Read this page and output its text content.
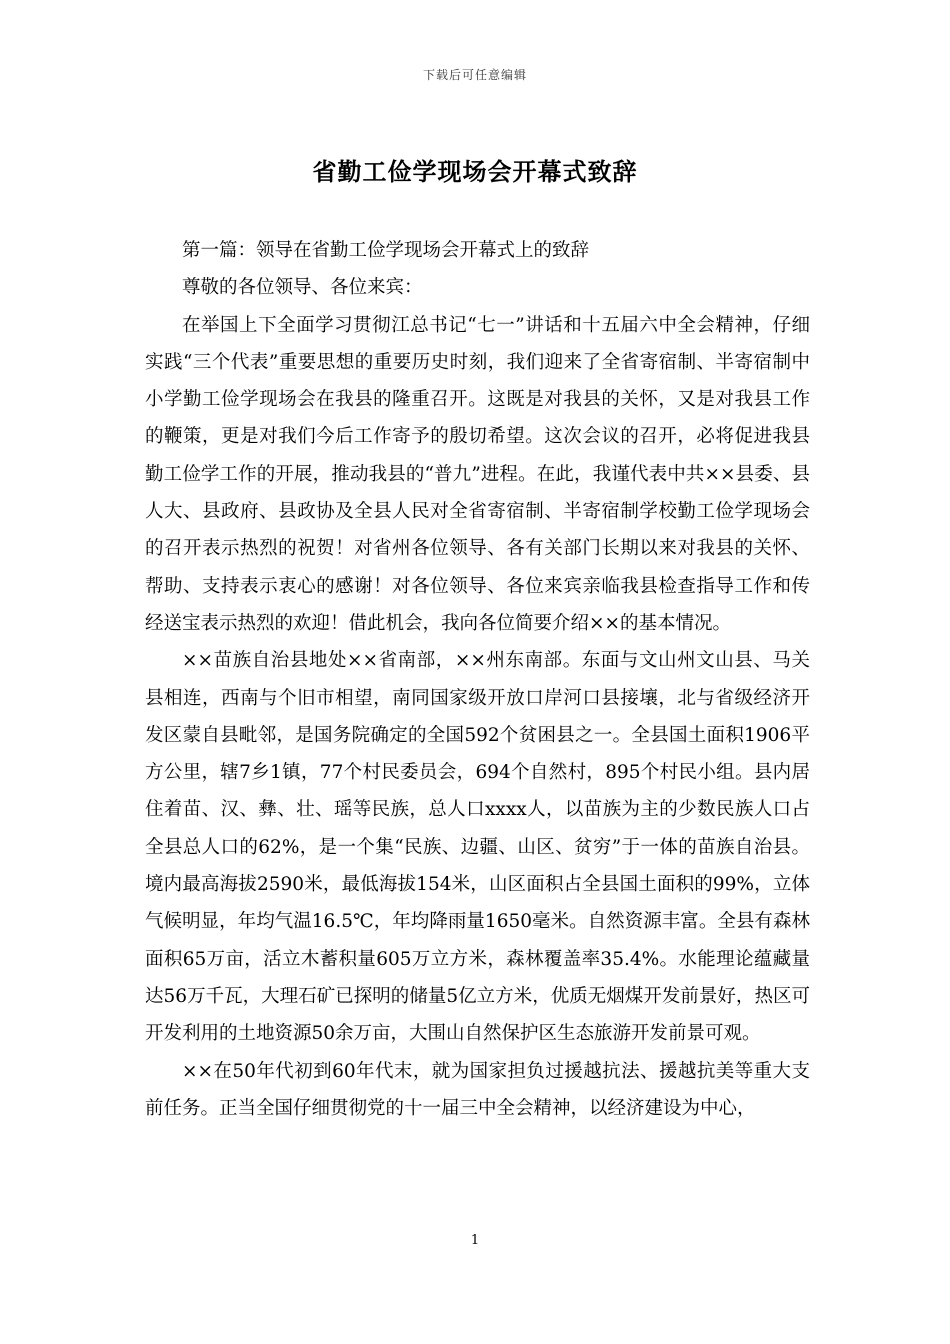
下载后可任意编辑
省勤工俭学现场会开幕式致辞

第一篇：领导在省勤工俭学现场会开幕式上的致辞

尊敬的各位领导、各位来宾：

在举国上下全面学习贯彻江总书记“七一”讲话和十五届六中全会精神，仔细实践“三个代表”重要思想的重要历史时刻，我们迎来了全省寄宿制、半寄宿制中小学勤工俭学现场会在我县的隆重召开。这既是对我县的关怀，又是对我县工作的鞭策，更是对我们今后工作寄予的殷切希望。这次会议的召开，必将促进我县勤工俭学工作的开展，推动我县的“普九”进程。在此，我谨代表中共××县委、县人大、县政府、县政协及全县人民对全省寄宿制、半寄宿制学校勤工俭学现场会的召开表示热烈的祝贺！对省州各位领导、各有关部门长期以来对我县的关怀、帮助、支持表示衷心的感谢！对各位领导、各位来宾亲临我县检查指导工作和传经送宝表示热烈的欢迎！借此机会，我向各位简要介绍××的基本情况。

××苗族自治县地处××省南部，××州东南部。东面与文山州文山县、马关县相连，西南与个旧市相望，南同国家级开放口岸河口县接壤，北与省级经济开发区蒙自县毗邻，是国务院确定的全国592个贫困县之一。全县国土面积1906平方公里，辖7乡1镇，77个村民委员会，694个自然村，895个村民小组。县内居住着苗、汉、彝、壮、瑶等民族，总人口xxxx人，以苗族为主的少数民族人口占全县总人口的62%，是一个集“民族、边疆、山区、贫穷”于一体的苗族自治县。境内最高海拔2590米，最低海拔154米，山区面积占全县国土面积的99%，立体气候明显，年均气温16.5℃，年均降雨量1650毫米。自然资源丰富。全县有森林面积65万亩，活立木蓄积量605万立方米，森林覆盖率35.4%。水能理论蕴藏量达56万千瓦，大理石矿已探明的储量5亿立方米，优质无烟煤开发前景好，热区可开发利用的土地资源50余万亩，大围山自然保护区生态旅游开发前景可观。

××在50年代初到60年代末，就为国家担负过援越抗法、援越抗美等重大支前任务。正当全国仔细贯彻党的十一届三中全会精神，以经济建设为中心，

1
